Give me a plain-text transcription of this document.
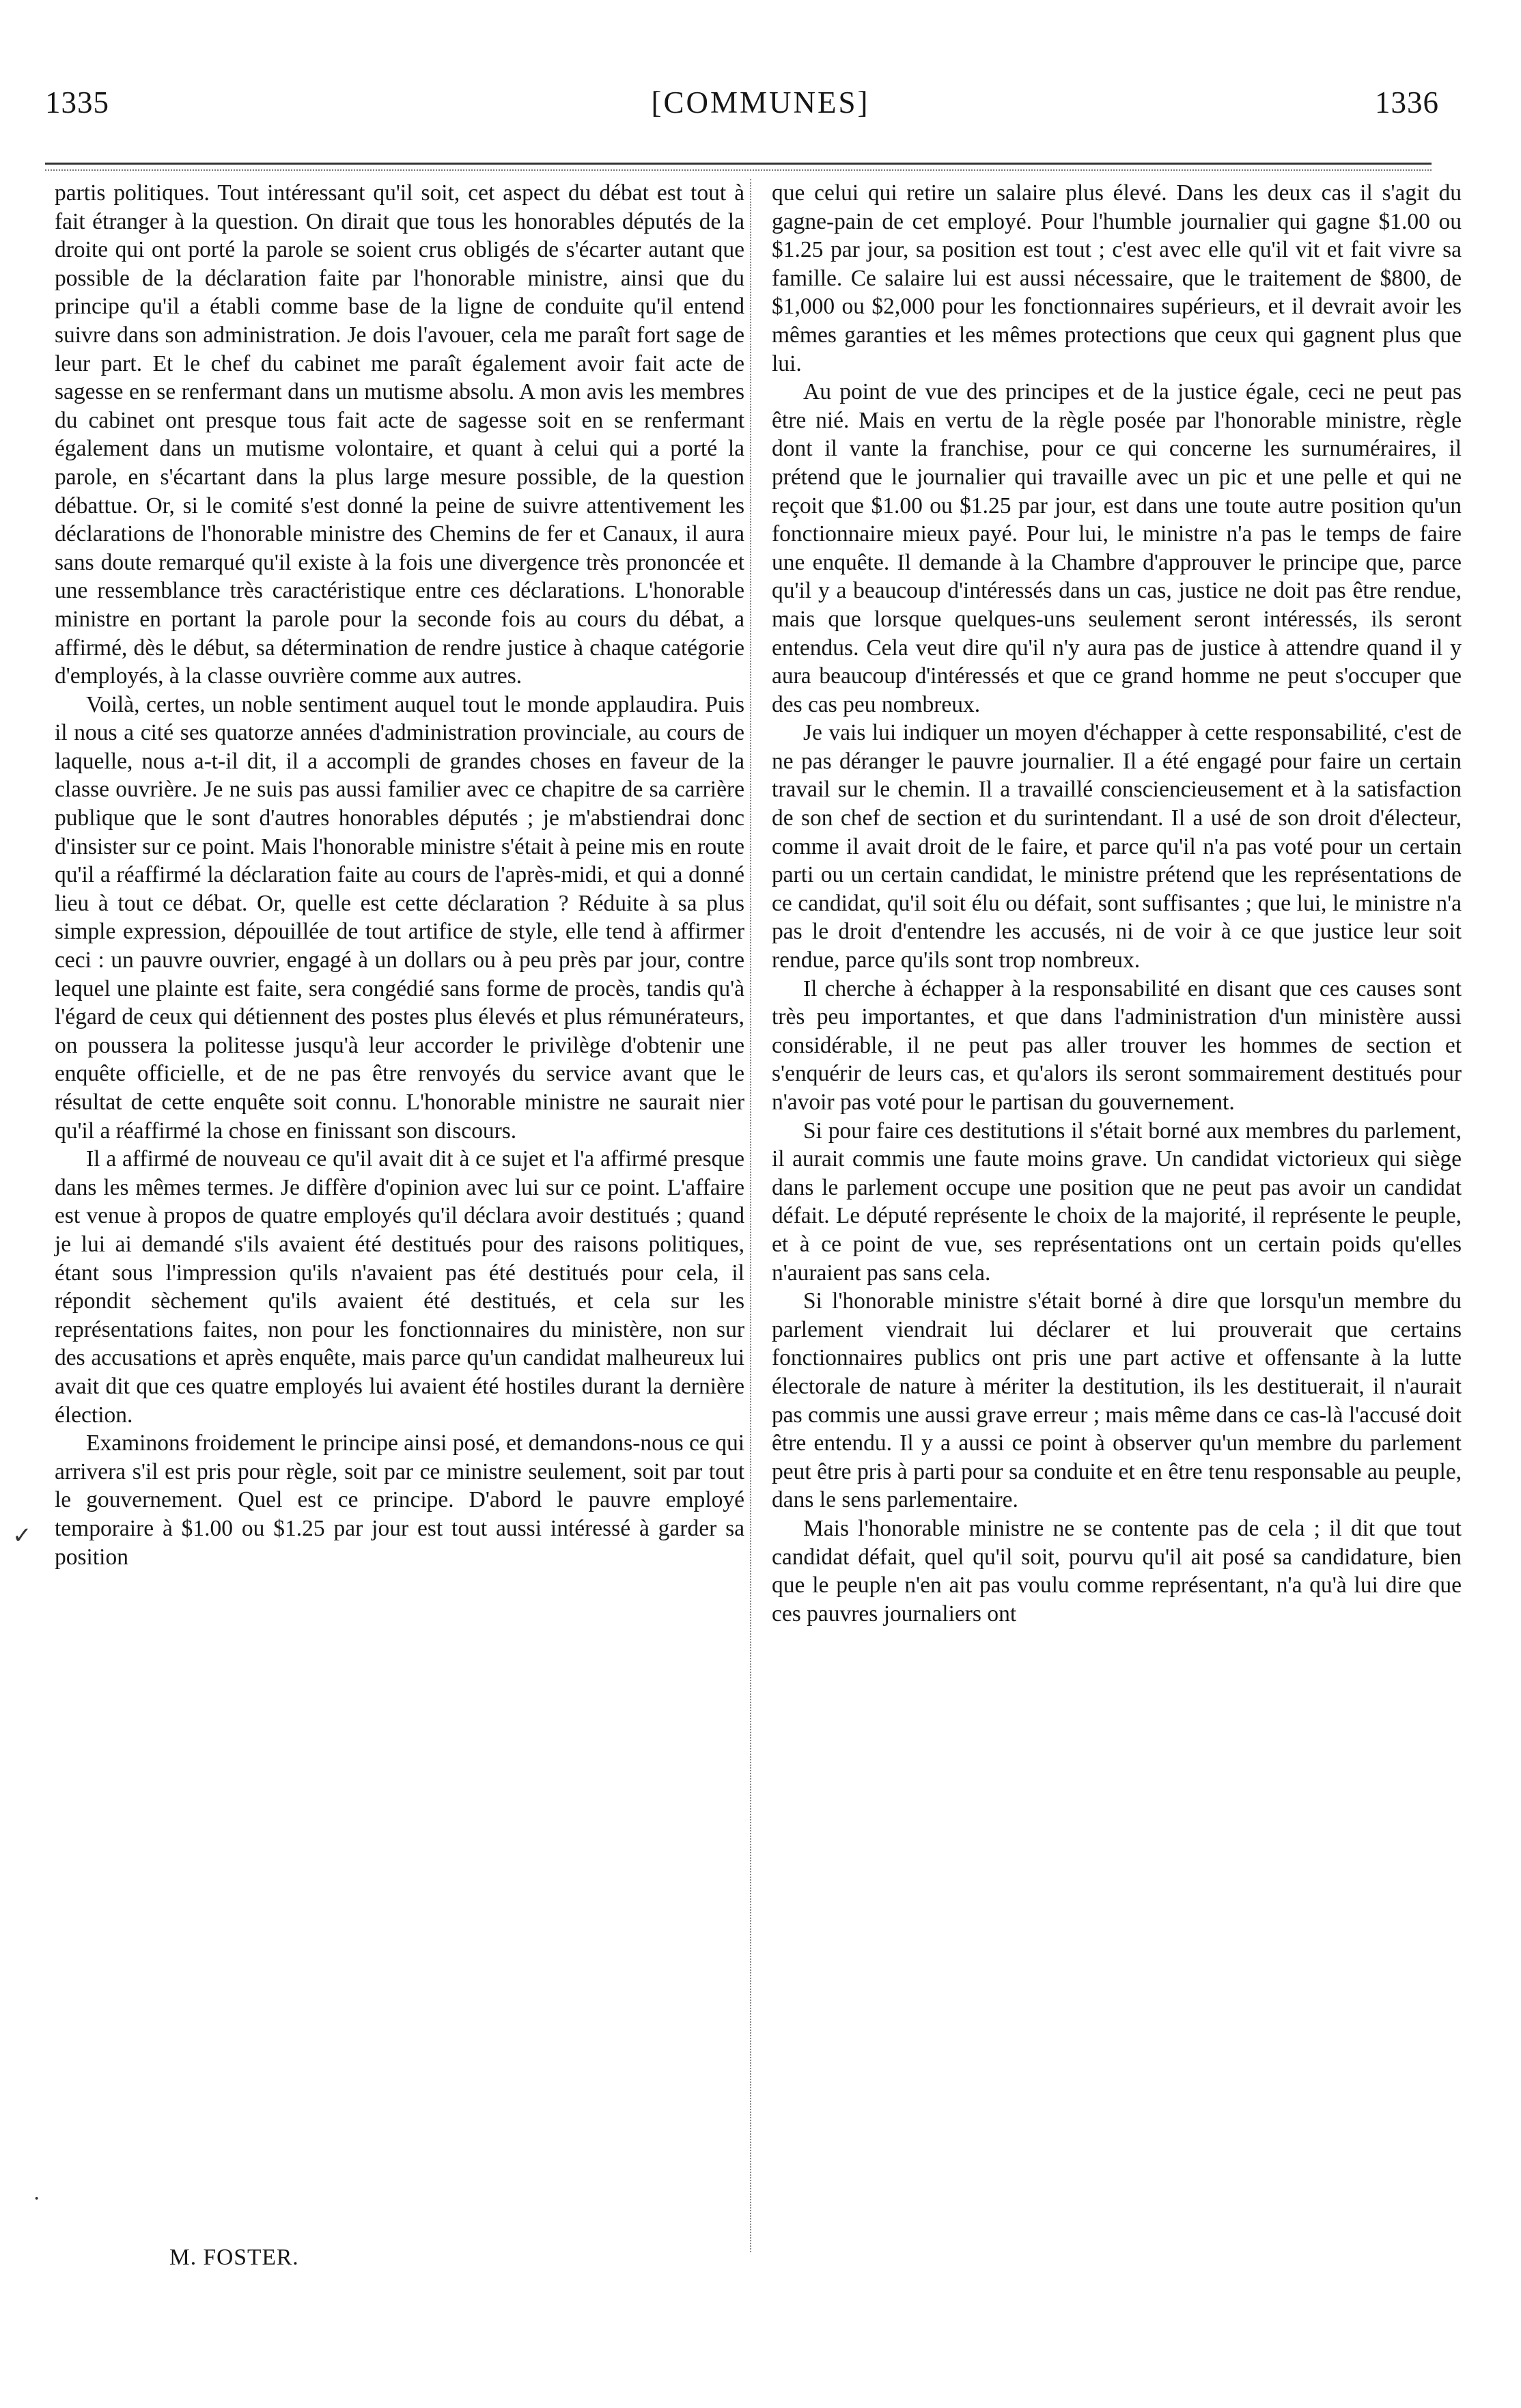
[COMMUNES]
1335	1336

partis politiques. Tout intéressant qu'il soit, cet aspect du débat est tout à fait étranger à la question. On dirait que tous les honorables députés de la droite qui ont porté la parole se soient crus obligés de s'écarter autant que possible de la déclaration faite par l'honorable ministre, ainsi que du principe qu'il a établi comme base de la ligne de conduite qu'il entend suivre dans son administration. Je dois l'avouer, cela me paraît fort sage de leur part. Et le chef du cabinet me paraît également avoir fait acte de sagesse en se renfermant dans un mutisme absolu. A mon avis les membres du cabinet ont presque tous fait acte de sagesse soit en se renfermant également dans un mutisme volontaire, et quant à celui qui a porté la parole, en s'écartant dans la plus large mesure possible, de la question débattue. Or, si le comité s'est donné la peine de suivre attentivement les déclarations de l'honorable ministre des Chemins de fer et Canaux, il aura sans doute remarqué qu'il existe à la fois une divergence très prononcée et une ressemblance très caractéristique entre ces déclarations. L'honorable ministre en portant la parole pour la seconde fois au cours du débat, a affirmé, dès le début, sa détermination de rendre justice à chaque catégorie d'employés, à la classe ouvrière comme aux autres.

Voilà, certes, un noble sentiment auquel tout le monde applaudira. Puis il nous a cité ses quatorze années d'administration provinciale, au cours de laquelle, nous a-t-il dit, il a accompli de grandes choses en faveur de la classe ouvrière. Je ne suis pas aussi familier avec ce chapitre de sa carrière publique que le sont d'autres honorables députés ; je m'abstiendrai donc d'insister sur ce point. Mais l'honorable ministre s'était à peine mis en route qu'il a réaffirmé la déclaration faite au cours de l'après-midi, et qui a donné lieu à tout ce débat. Or, quelle est cette déclaration ? Réduite à sa plus simple expression, dépouillée de tout artifice de style, elle tend à affirmer ceci : un pauvre ouvrier, engagé à un dollars ou à peu près par jour, contre lequel une plainte est faite, sera congédié sans forme de procès, tandis qu'à l'égard de ceux qui détiennent des postes plus élevés et plus rémunérateurs, on poussera la politesse jusqu'à leur accorder le privilège d'obtenir une enquête officielle, et de ne pas être renvoyés du service avant que le résultat de cette enquête soit connu. L'honorable ministre ne saurait nier qu'il a réaffirmé la chose en finissant son discours.

Il a affirmé de nouveau ce qu'il avait dit à ce sujet et l'a affirmé presque dans les mêmes termes. Je diffère d'opinion avec lui sur ce point. L'affaire est venue à propos de quatre employés qu'il déclara avoir destitués ; quand je lui ai demandé s'ils avaient été destitués pour des raisons politiques, étant sous l'impression qu'ils n'avaient pas été destitués pour cela, il répondit sèchement qu'ils avaient été destitués, et cela sur les représentations faites, non pour les fonctionnaires du ministère, non sur des accusations et après enquête, mais parce qu'un candidat malheureux lui avait dit que ces quatre employés lui avaient été hostiles durant la dernière élection.

Examinons froidement le principe ainsi posé, et demandons-nous ce qui arrivera s'il est pris pour règle, soit par ce ministre seulement, soit par tout le gouvernement. Quel est ce principe. D'abord le pauvre employé temporaire à $1.00 ou $1.25 par jour est tout aussi intéressé à garder sa position

que celui qui retire un salaire plus élevé. Dans les deux cas il s'agit du gagne-pain de cet employé. Pour l'humble journalier qui gagne $1.00 ou $1.25 par jour, sa position est tout ; c'est avec elle qu'il vit et fait vivre sa famille. Ce salaire lui est aussi nécessaire, que le traitement de $800, de $1,000 ou $2,000 pour les fonctionnaires supérieurs, et il devrait avoir les mêmes garanties et les mêmes protections que ceux qui gagnent plus que lui.

Au point de vue des principes et de la justice égale, ceci ne peut pas être nié. Mais en vertu de la règle posée par l'honorable ministre, règle dont il vante la franchise, pour ce qui concerne les surnuméraires, il prétend que le journalier qui travaille avec un pic et une pelle et qui ne reçoit que $1.00 ou $1.25 par jour, est dans une toute autre position qu'un fonctionnaire mieux payé. Pour lui, le ministre n'a pas le temps de faire une enquête. Il demande à la Chambre d'approuver le principe que, parce qu'il y a beaucoup d'intéressés dans un cas, justice ne doit pas être rendue, mais que lorsque quelques-uns seulement seront intéressés, ils seront entendus. Cela veut dire qu'il n'y aura pas de justice à attendre quand il y aura beaucoup d'intéressés et que ce grand homme ne peut s'occuper que des cas peu nombreux.

Je vais lui indiquer un moyen d'échapper à cette responsabilité, c'est de ne pas déranger le pauvre journalier. Il a été engagé pour faire un certain travail sur le chemin. Il a travaillé consciencieusement et à la satisfaction de son chef de section et du surintendant. Il a usé de son droit d'électeur, comme il avait droit de le faire, et parce qu'il n'a pas voté pour un certain parti ou un certain candidat, le ministre prétend que les représentations de ce candidat, qu'il soit élu ou défait, sont suffisantes ; que lui, le ministre n'a pas le droit d'entendre les accusés, ni de voir à ce que justice leur soit rendue, parce qu'ils sont trop nombreux.

Il cherche à échapper à la responsabilité en disant que ces causes sont très peu importantes, et que dans l'administration d'un ministère aussi considérable, il ne peut pas aller trouver les hommes de section et s'enquérir de leurs cas, et qu'alors ils seront sommairement destitués pour n'avoir pas voté pour le partisan du gouvernement.

Si pour faire ces destitutions il s'était borné aux membres du parlement, il aurait commis une faute moins grave. Un candidat victorieux qui siège dans le parlement occupe une position que ne peut pas avoir un candidat défait. Le député représente le choix de la majorité, il représente le peuple, et à ce point de vue, ses représentations ont un certain poids qu'elles n'auraient pas sans cela.

Si l'honorable ministre s'était borné à dire que lorsqu'un membre du parlement viendrait lui déclarer et lui prouverait que certains fonctionnaires publics ont pris une part active et offensante à la lutte électorale de nature à mériter la destitution, ils les destituerait, il n'aurait pas commis une aussi grave erreur ; mais même dans ce cas-là l'accusé doit être entendu. Il y a aussi ce point à observer qu'un membre du parlement peut être pris à parti pour sa conduite et en être tenu responsable au peuple, dans le sens parlementaire.

Mais l'honorable ministre ne se contente pas de cela ; il dit que tout candidat défait, quel qu'il soit, pourvu qu'il ait posé sa candidature, bien que le peuple n'en ait pas voulu comme représentant, n'a qu'à lui dire que ces pauvres journaliers ont

M. FOSTER.
✓
·
